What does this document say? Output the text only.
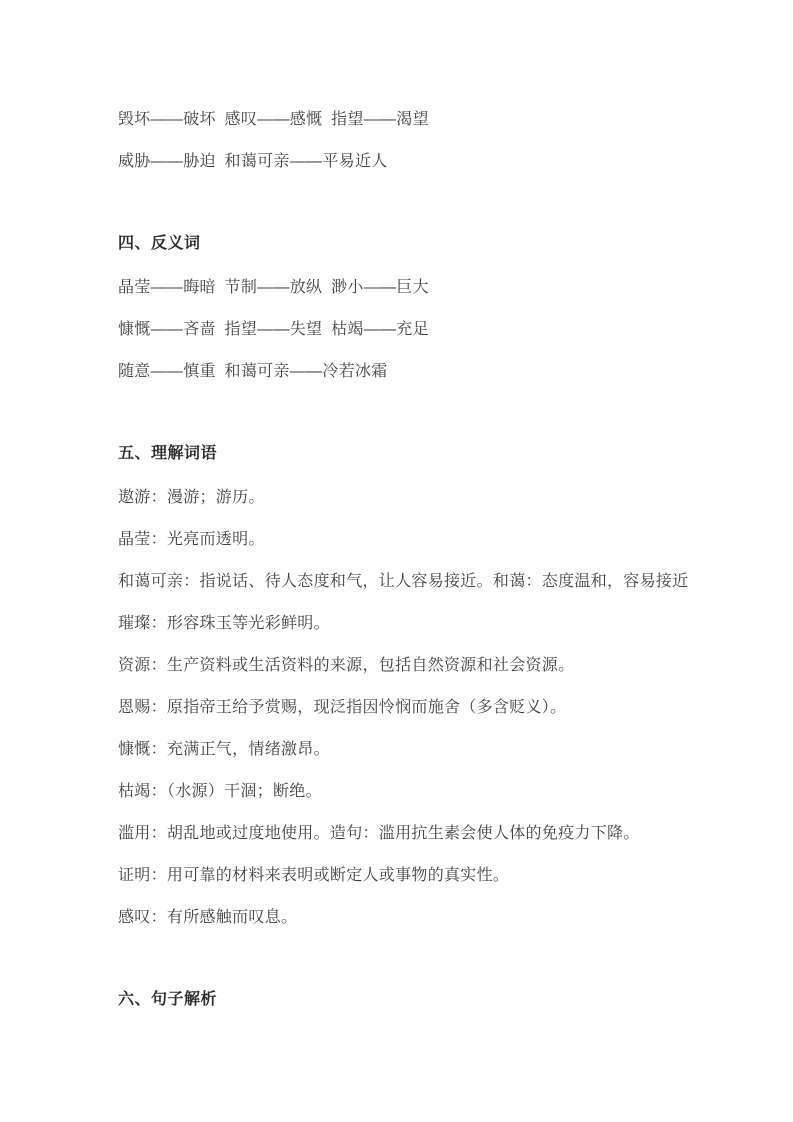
毁坏——破坏 感叹——感慨 指望——渴望

威胁——胁迫 和蔼可亲——平易近人

四、反义词

晶莹——晦暗 节制——放纵 渺小——巨大

慷慨——吝啬 指望——失望 枯竭——充足

随意——慎重 和蔼可亲——冷若冰霜

五、理解词语

遨游：漫游；游历。

晶莹：光亮而透明。

和蔼可亲：指说话、待人态度和气，让人容易接近。和蔼：态度温和，容易接近

璀璨：形容珠玉等光彩鲜明。

资源：生产资料或生活资料的来源，包括自然资源和社会资源。

恩赐：原指帝王给予赏赐，现泛指因怜悯而施舍（多含贬义）。

慷慨：充满正气，情绪激昂。

枯竭：（水源）干涸；断绝。

滥用：胡乱地或过度地使用。造句：滥用抗生素会使人体的免疫力下降。

证明：用可靠的材料来表明或断定人或事物的真实性。

感叹：有所感触而叹息。

六、句子解析
